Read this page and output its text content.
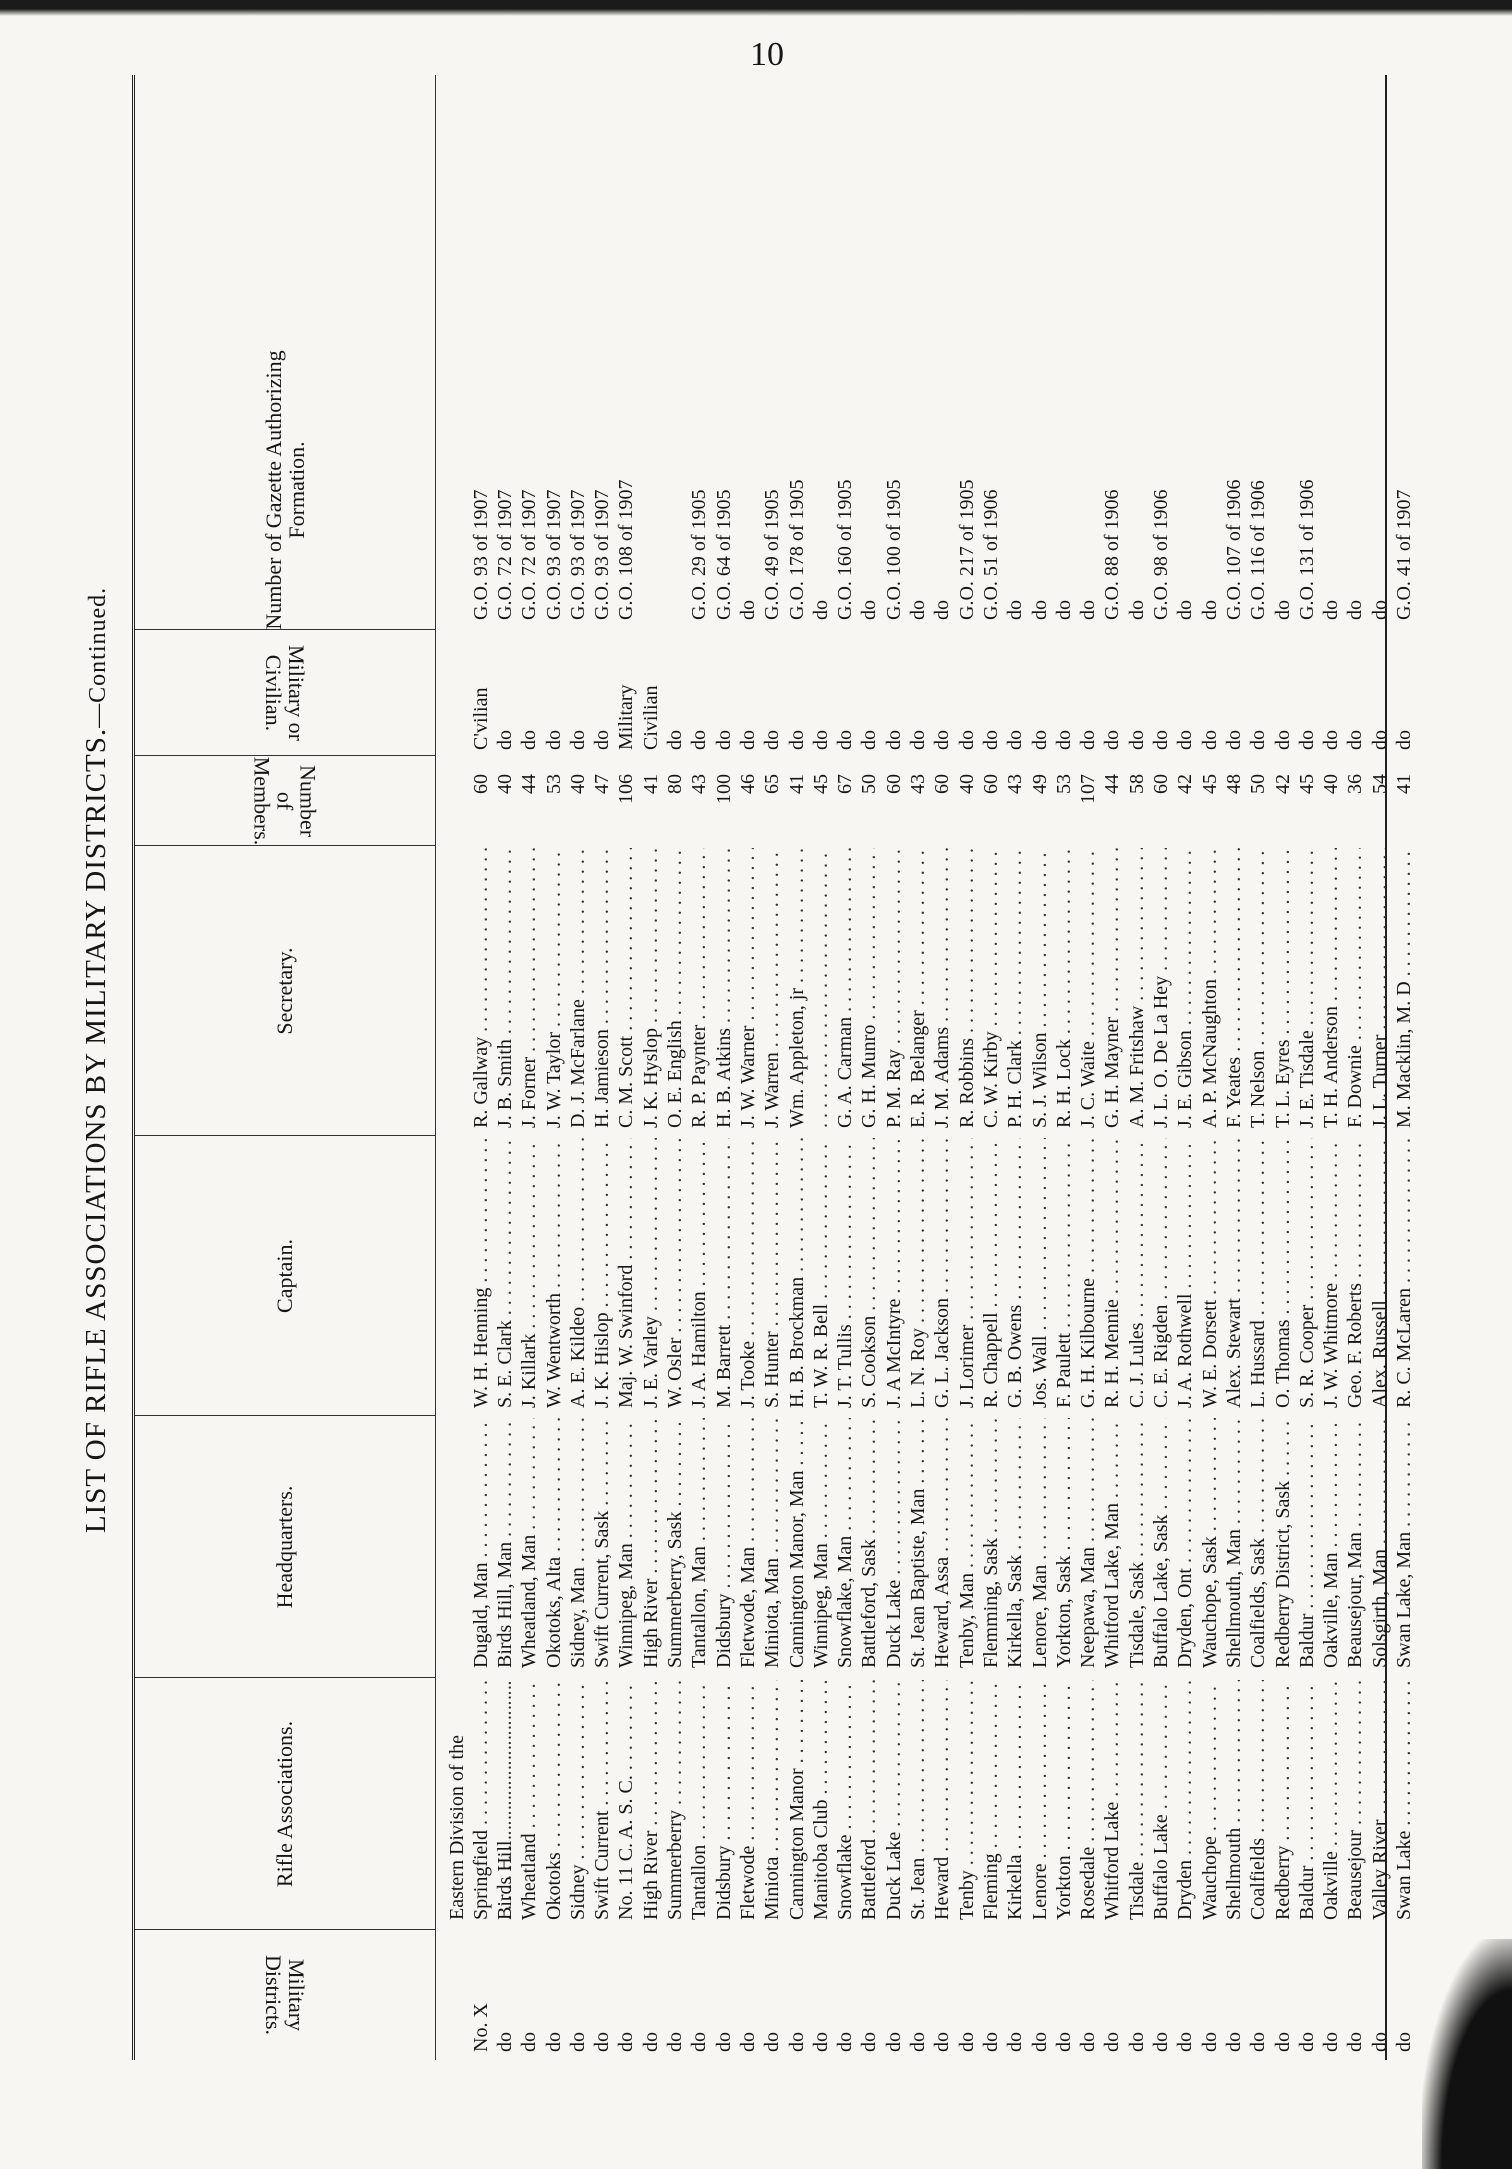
10
LIST OF RIFLE ASSOCIATIONS BY MILITARY DISTRICTS.—Continued.
Military Districts.
Rifle Associations.
Headquarters.
Captain.
Secretary.
Number of Members.
Military or Civilian.
Number of Gazette Authorizing Formation.
No. X
Eastern Division of the Springfield . . .
Dugald, Man . . .
W. H. Henning . . .
R. Gallway . . .
60
C'vilian
G.O. 93 of 1907
do
Birds Hill . . .
Birds Hill, Man . . .
S. E. Clark . . .
J. B. Smith . . .
40
do
G.O. 72 of 1907
do
Wheatland . . .
Wheatland, Man . . .
J. Killark . . .
J. Forner . . .
44
do
G.O. 72 of 1907
do
Okotoks . . .
Okotoks, Alta . . .
W. Wentworth . . .
J. W. Taylor . . .
53
do
G.O. 93 of 1907
do
Sidney . . .
Sidney, Man . . .
A. E. Kildeo . . .
D. J. McFarlane . . .
40
do
G.O. 93 of 1907
do
Swift Current . . .
Swift Current, Sask . . .
J. K. Hislop . . .
H. Jamieson . . .
47
do
G.O. 93 of 1907
do
No. 11 C. A. S. C. . . .
Winnipeg, Man . . .
Maj. W. Swinford . . .
C. M. Scott . . .
106
Military
G.O. 108 of 1907
do
High River . . .
High River . . .
J. E. Varley . . .
J. K. Hyslop . . .
41
Civilian
do
Summerberry . . .
Summerberry, Sask . . .
W. Osler . . .
O. E. English . . .
80
do
do
Tantallon . . .
Tantallon, Man . . .
J. A. Hamilton . . .
R. P. Paynter . . .
43
do
G.O. 29 of 1905
do
Didsbury . . .
Didsbury . . .
M. Barrett . . .
H. B. Atkins . . .
100
do
G.O. 64 of 1905
do
Fletwode . . .
Fletwode, Man . . .
J. Tooke . . .
J. W. Warner . . .
46
do
do
do
Miniota . . .
Miniota, Man . . .
S. Hunter . . .
J. Warren . . .
65
do
G.O. 49 of 1905
do
Cannington Manor . . .
Cannington Manor, Man . . .
H. B. Brockman . . .
Wm. Appleton, jr . . .
41
do
G.O. 178 of 1905
do
Manitoba Club . . .
Winnipeg, Man . . .
T. W. R. Bell . . .
. . .
45
do
do
do
Snowflake . . .
Snowflake, Man . . .
J. T. Tullis . . .
G. A. Carman . . .
67
do
G.O. 160 of 1905
do
Battleford . . .
Battleford, Sask . . .
S. Cookson . . .
G. H. Munro . . .
50
do
do
do
Duck Lake . . .
Duck Lake . . .
J. A McIntyre . . .
P. M. Ray . . .
60
do
G.O. 100 of 1905
do
St. Jean . . .
St. Jean Baptiste, Man . . .
L. N. Roy . . .
E. R. Belanger . . .
43
do
do
do
Heward . . .
Heward, Assa . . .
G. L. Jackson . . .
J. M. Adams . . .
60
do
do
do
Tenby . . .
Tenby, Man . . .
J. Lorimer . . .
R. Robbins . . .
40
do
G.O. 217 of 1905
do
Fleming . . .
Flemming, Sask . . .
R. Chappell . . .
C. W. Kirby . . .
60
do
G.O. 51 of 1906
do
Kirkella . . .
Kirkella, Sask . . .
G. B. Owens . . .
P. H. Clark . . .
43
do
do
do
Lenore . . .
Lenore, Man . . .
Jos. Wall . . .
S. J. Wilson . . .
49
do
do
do
Yorkton . . .
Yorkton, Sask . . .
F. Paulett . . .
R. H. Lock . . .
53
do
do
do
Rosedale . . .
Neepawa, Man . . .
G. H. Kilbourne . . .
J. C. Waite . . .
107
do
do
do
Whitford Lake . . .
Whitford Lake, Man . . .
R. H. Mennie . . .
G. H. Mayner . . .
44
do
G.O. 88 of 1906
do
Tisdale . . .
Tisdale, Sask . . .
C. J. Lules . . .
A. M. Fritshaw . . .
58
do
do
do
Buffalo Lake . . .
Buffalo Lake, Sask . . .
C. E. Rigden . . .
J. L. O. De La Hey . . .
60
do
G.O. 98 of 1906
do
Dryden . . .
Dryden, Ont . . .
J. A. Rothwell . . .
J. E. Gibson . . .
42
do
do
do
Wauchope . . .
Wauchope, Sask . . .
W. E. Dorsett . . .
A. P. McNaughton . . .
45
do
do
do
Shellmouth . . .
Shellmouth, Man . . .
Alex. Stewart . . .
F. Yeates . . .
48
do
G.O. 107 of 1906
do
Coalfields . . .
Coalfields, Sask . . .
L. Hussard . . .
T. Nelson . . .
50
do
G.O. 116 of 1906
do
Redberry . . .
Redberry District, Sask . . .
O. Thomas . . .
T. L. Eyres . . .
42
do
do
do
Baldur . . .
Baldur . . .
S. R. Cooper . . .
J. E. Tisdale . . .
45
do
G.O. 131 of 1906
do
Oakville . . .
Oakville, Man . . .
J. W. Whitmore . . .
T. H. Anderson . . .
40
do
do
do
Beausejour . . .
Beausejour, Man . . .
Geo. F. Roberts . . .
F. Downie . . .
36
do
do
do
Valley River . . .
Solsgirth, Man . . .
Alex. Russell . . .
J. L. Turner . . .
54
do
do
do
Swan Lake . . .
Swan Lake, Man . . .
R. C. McLaren . . .
M. Macklin, M. D . . .
41
do
G.O. 41 of 1907
